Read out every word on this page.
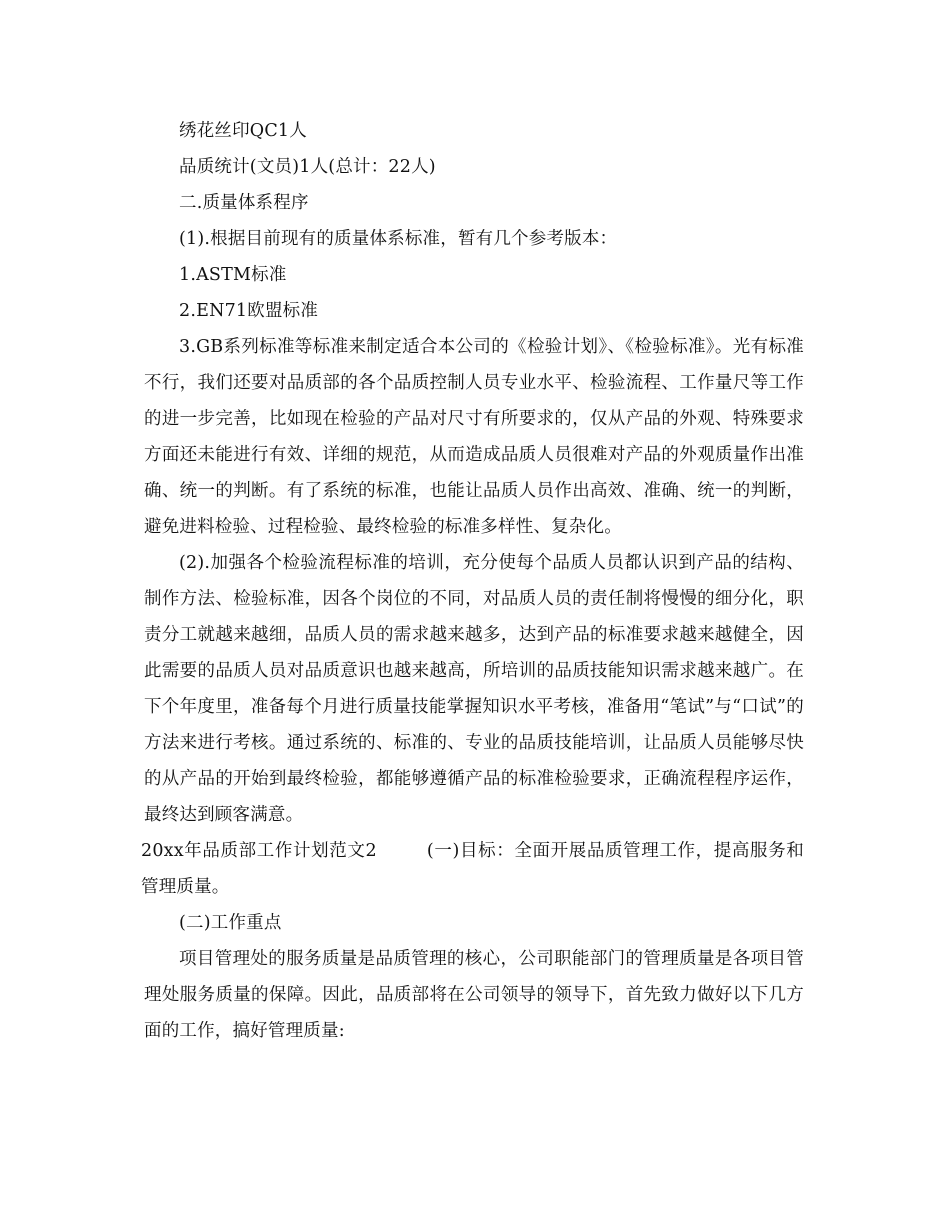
绣花丝印QC1人
品质统计(文员)1人(总计：22人)
二.质量体系程序
(1).根据目前现有的质量体系标准，暂有几个参考版本：
1.ASTM标准
2.EN71欧盟标准

3.GB系列标准等标准来制定适合本公司的《检验计划》、《检验标准》。光有标准不行，我们还要对品质部的各个品质控制人员专业水平、检验流程、工作量尺等工作的进一步完善，比如现在检验的产品对尺寸有所要求的，仅从产品的外观、特殊要求方面还未能进行有效、详细的规范，从而造成品质人员很难对产品的外观质量作出准确、统一的判断。有了系统的标准，也能让品质人员作出高效、准确、统一的判断，避免进料检验、过程检验、最终检验的标准多样性、复杂化。

(2).加强各个检验流程标准的培训，充分使每个品质人员都认识到产品的结构、制作方法、检验标准，因各个岗位的不同，对品质人员的责任制将慢慢的细分化，职责分工就越来越细，品质人员的需求越来越多，达到产品的标准要求越来越健全，因此需要的品质人员对品质意识也越来越高，所培训的品质技能知识需求越来越广。在下个年度里，准备每个月进行质量技能掌握知识水平考核，准备用“笔试”与“口试”的方法来进行考核。通过系统的、标准的、专业的品质技能培训，让品质人员能够尽快的从产品的开始到最终检验，都能够遵循产品的标准检验要求，正确流程程序运作，最终达到顾客满意。

20xx年品质部工作计划范文2	(一)目标：全面开展品质管理工作，提高服务和管理质量。

(二)工作重点

项目管理处的服务质量是品质管理的核心，公司职能部门的管理质量是各项目管理处服务质量的保障。因此，品质部将在公司领导的领导下，首先致力做好以下几方面的工作，搞好管理质量:
